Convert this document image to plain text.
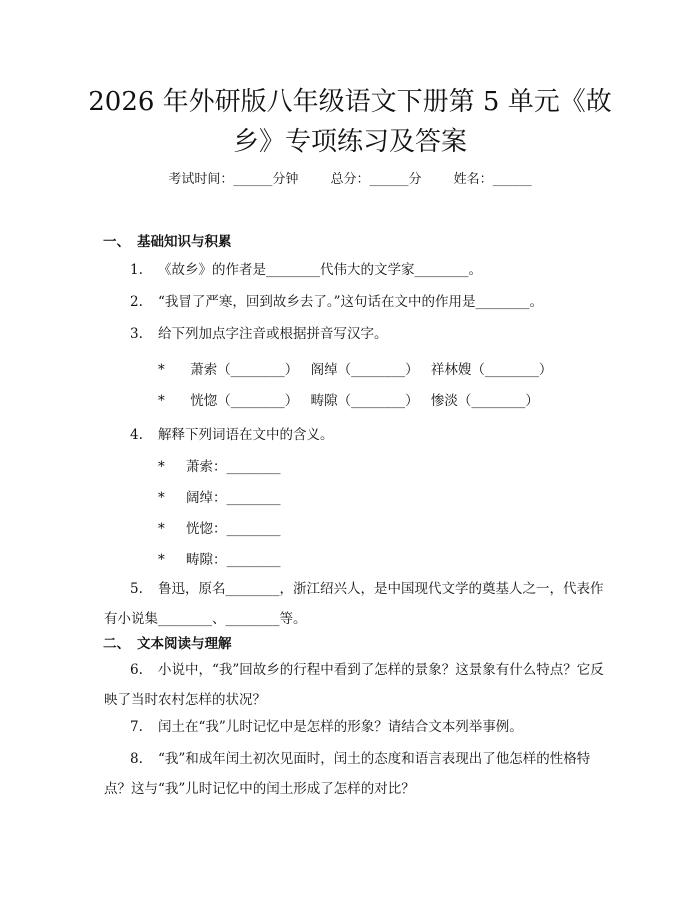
2026 年外研版八年级语文下册第 5 单元《故乡》专项练习及答案
考试时间：______分钟 总分：______分 姓名：______
一、 基础知识与积累
1. 《故乡》的作者是________代伟大的文学家________。
2. “我冒了严寒，回到故乡去了。”这句话在文中的作用是________。
3. 给下列加点字注音或根据拼音写汉字。
* 萧索（________） 阁绰（________） 祥林嫂（________）
* 恍惚（________） 畴隙（________） 惨淡（________）
4. 解释下列词语在文中的含义。
* 萧索：________
* 阔绰：________
* 恍惚：________
* 畴隙：________
5. 鲁迅，原名________，浙江绍兴人，是中国现代文学的奠基人之一，代表作有小说集________、________等。
二、 文本阅读与理解
6. 小说中，“我”回故乡的行程中看到了怎样的景象？这景象有什么特点？它反映了当时农村怎样的状况？
7. 闰土在“我”儿时记忆中是怎样的形象？请结合文本列举事例。
8. “我”和成年闰土初次见面时，闰土的态度和语言表现出了他怎样的性格特点？这与“我”儿时记忆中的闰土形成了怎样的对比？
